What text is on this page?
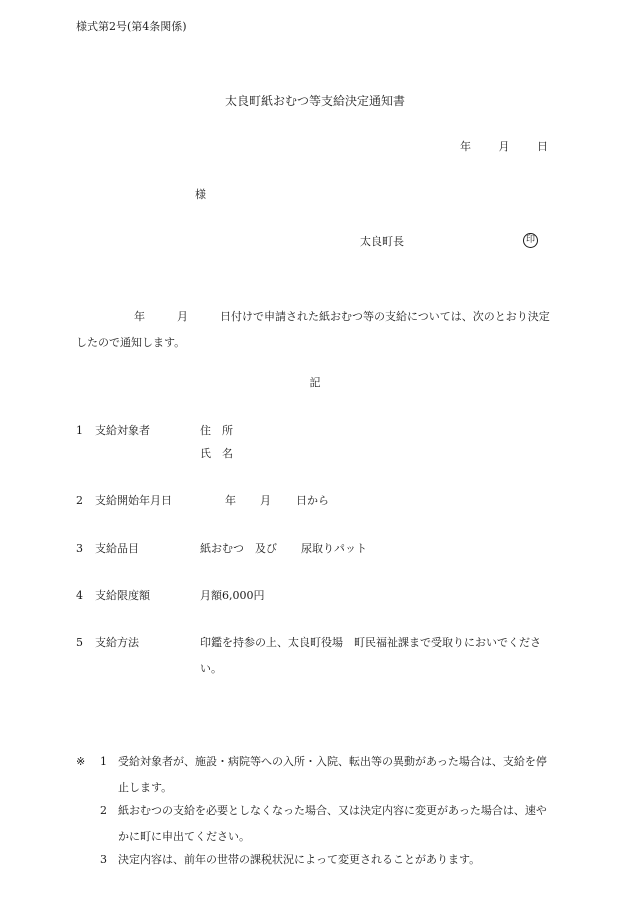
様式第2号(第4条関係)
太良町紙おむつ等支給決定通知書
年	月	日
様
太良町長	印
年	月	日付けで申請された紙おむつ等の支給については、次のとおり決定したので通知します。
記
1 支給対象者	住　所
氏　名
2 支給開始年月日	年 月 日から
3 支給品目	紙おむつ　及び 尿取りパット
4 支給限度額	月額6,000円
5 支給方法	印鑑を持参の上、太良町役場　町民福祉課まで受取りにおいでください。
※ 1 受給対象者が、施設・病院等への入所・入院、転出等の異動があった場合は、支給を停止します。
2 紙おむつの支給を必要としなくなった場合、又は決定内容に変更があった場合は、速やかに町に申出てください。
3 決定内容は、前年の世帯の課税状況によって変更されることがあります。
